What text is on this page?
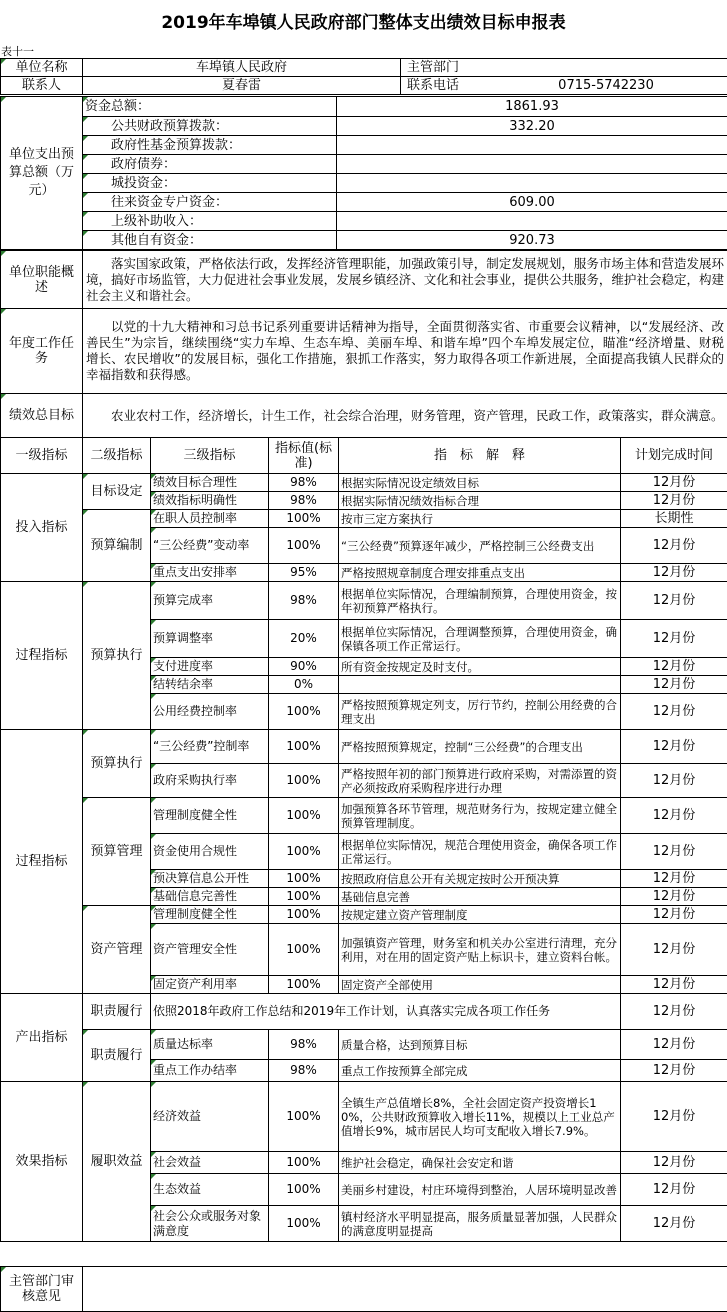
2019年车埠镇人民政府部门整体支出绩效目标申报表
表十一
单位名称	车埠镇人民政府	主管部门
联系人	夏春雷	联系电话 0715-5742230
单位支出预算总额（万元）	资金总额：	1861.93
	公共财政预算拨款：	332.20
	政府性基金预算拨款：	
	政府债券：	
	城投资金：	
	往来资金专户资金：	609.00
	上级补助收入：	
	其他自有资金：	920.73
单位职能概述	落实国家政策，严格依法行政，发挥经济管理职能，加强政策引导，制定发展规划，服务市场主体和营造发展环境，搞好市场监管，大力促进社会事业发展，发展乡镇经济、文化和社会事业，提供公共服务，维护社会稳定，构建社会主义和谐社会。
年度工作任务	以党的十九大精神和习总书记系列重要讲话精神为指导，全面贯彻落实省、市重要会议精神，以“发展经济、改善民生”为宗旨，继续围绕“实力车埠、生态车埠、美丽车埠、和谐车埠”四个车埠发展定位，瞄准“经济增量、财税增长、农民增收”的发展目标，强化工作措施，狠抓工作落实，努力取得各项工作新进展，全面提高我镇人民群众的幸福指数和获得感。
绩效总目标	农业农村工作，经济增长，计生工作，社会综合治理，财务管理，资产管理，民政工作，政策落实，群众满意。
一级指标	二级指标	三级指标	指标值(标准)	指　标　解　释	计划完成时间
投入指标	目标设定	绩效目标合理性	98%	根据实际情况设定绩效目标	12月份
		绩效指标明确性	98%	根据实际情况绩效指标合理	12月份
	预算编制	在职人员控制率	100%	按市三定方案执行	长期性
		“三公经费”变动率	100%	“三公经费”预算逐年减少，严格控制三公经费支出	12月份
		重点支出安排率	95%	严格按照规章制度合理安排重点支出	12月份
过程指标	预算执行	预算完成率	98%	根据单位实际情况，合理编制预算，合理使用资金，按年初预算严格执行。	12月份
		预算调整率	20%	根据单位实际情况，合理调整预算，合理使用资金，确保镇各项工作正常运行。	12月份
		支付进度率	90%	所有资金按规定及时支付。	12月份
		结转结余率	0%		12月份
		公用经费控制率	100%	严格按照预算规定列支，厉行节约，控制公用经费的合理支出	12月份
过程指标	预算执行	“三公经费”控制率	100%	严格按照预算规定，控制“三公经费”的合理支出	12月份
		政府采购执行率	100%	严格按照年初的部门预算进行政府采购，对需添置的资产必须按政府采购程序进行办理	12月份
	预算管理	管理制度健全性	100%	加强预算各环节管理，规范财务行为，按规定建立健全预算管理制度。	12月份
		资金使用合规性	100%	根据单位实际情况，规范合理使用资金，确保各项工作正常运行。	12月份
		预决算信息公开性	100%	按照政府信息公开有关规定按时公开预决算	12月份
		基础信息完善性	100%	基础信息完善	12月份
	资产管理	管理制度健全性	100%	按规定建立资产管理制度	12月份
		资产管理安全性	100%	加强镇资产管理，财务室和机关办公室进行清理，充分利用，对在用的固定资产贴上标识卡，建立资料台帐。	12月份
		固定资产利用率	100%	固定资产全部使用	12月份
产出指标	职责履行	依照2018年政府工作总结和2019年工作计划，认真落实完成各项工作任务			12月份
	职责履行	质量达标率	98%	质量合格，达到预算目标	12月份
		重点工作办结率	98%	重点工作按预算全部完成	12月份
效果指标	履职效益	经济效益	100%	全镇生产总值增长8%，全社会固定资产投资增长10%，公共财政预算收入增长11%，规模以上工业总产值增长9%，城市居民人均可支配收入增长7.9%。	12月份
		社会效益	100%	维护社会稳定，确保社会安定和谐	12月份
		生态效益	100%	美丽乡村建设，村庄环境得到整治，人居环境明显改善	12月份
		社会公众或服务对象满意度	100%	镇村经济水平明显提高，服务质量显著加强，人民群众的满意度明显提高	12月份
主管部门审核意见	
